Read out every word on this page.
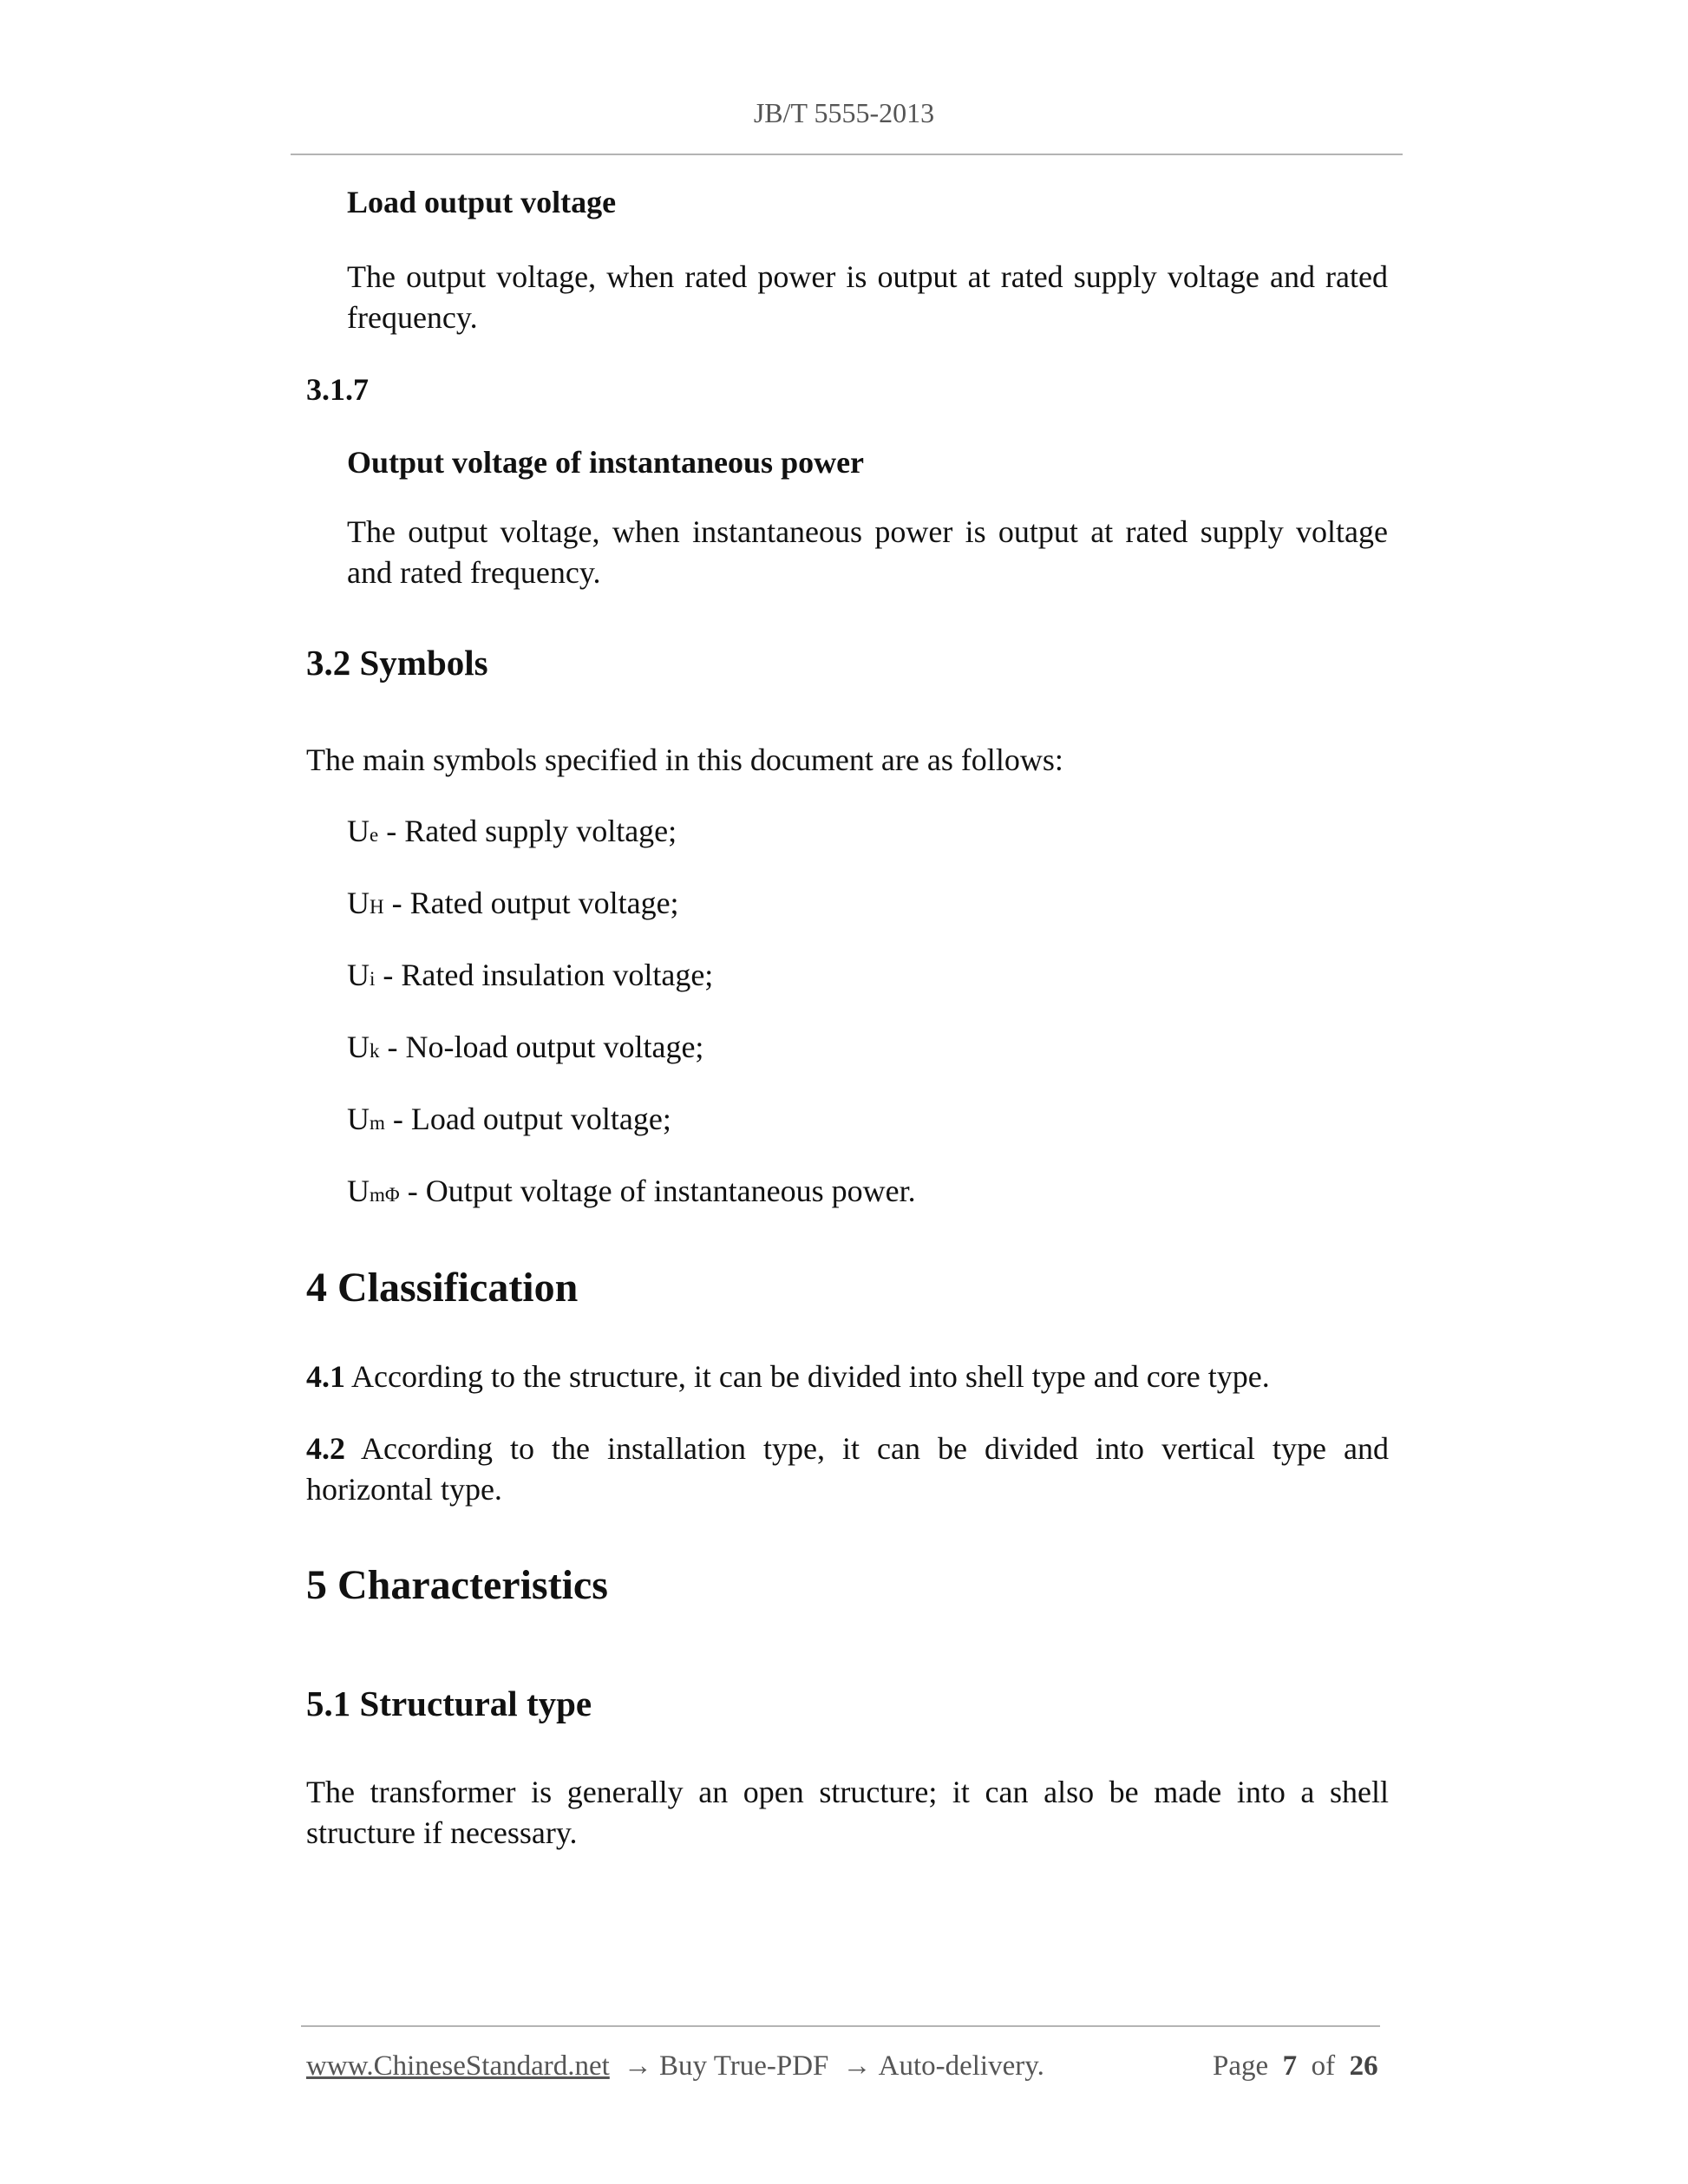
JB/T 5555-2013
Load output voltage
The output voltage, when rated power is output at rated supply voltage and rated frequency.
3.1.7
Output voltage of instantaneous power
The output voltage, when instantaneous power is output at rated supply voltage and rated frequency.
3.2 Symbols
The main symbols specified in this document are as follows:
Ue - Rated supply voltage;
UH - Rated output voltage;
Ui - Rated insulation voltage;
Uk - No-load output voltage;
Um - Load output voltage;
UmΦ - Output voltage of instantaneous power.
4 Classification
4.1 According to the structure, it can be divided into shell type and core type.
4.2 According to the installation type, it can be divided into vertical type and horizontal type.
5 Characteristics
5.1 Structural type
The transformer is generally an open structure; it can also be made into a shell structure if necessary.
www.ChineseStandard.net → Buy True-PDF → Auto-delivery.	Page 7 of 26
